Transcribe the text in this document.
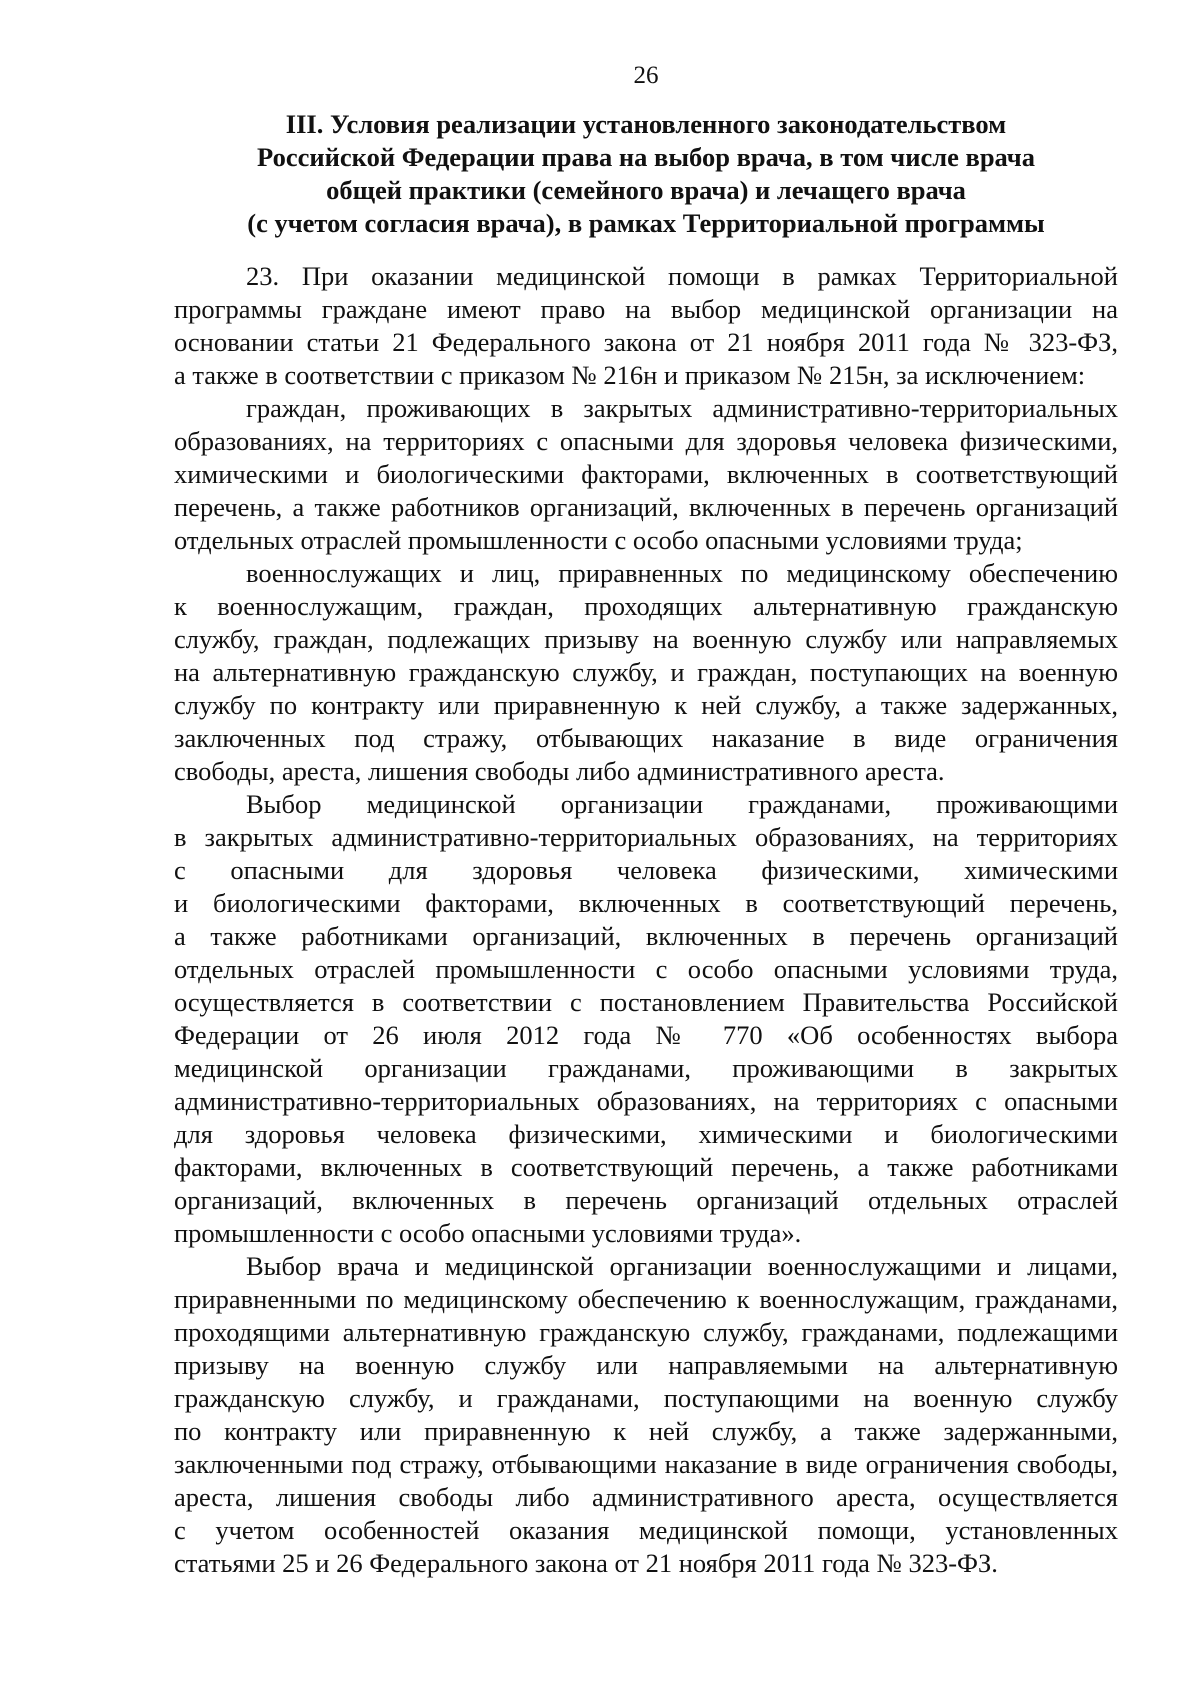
26
III. Условия реализации установленного законодательством
Российской Федерации права на выбор врача, в том числе врача
общей практики (семейного врача) и лечащего врача
(с учетом согласия врача), в рамках Территориальной программы
23. При оказании медицинской помощи в рамках Территориальной
программы граждане имеют право на выбор медицинской организации на
основании статьи 21 Федерального закона от 21 ноября 2011 года № 323-ФЗ,
а также в соответствии с приказом № 216н и приказом № 215н, за исключением:
граждан, проживающих в закрытых административно-территориальных
образованиях, на территориях с опасными для здоровья человека физическими,
химическими и биологическими факторами, включенных в соответствующий
перечень, а также работников организаций, включенных в перечень организаций
отдельных отраслей промышленности с особо опасными условиями труда;
военнослужащих и лиц, приравненных по медицинскому обеспечению
к военнослужащим, граждан, проходящих альтернативную гражданскую
службу, граждан, подлежащих призыву на военную службу или направляемых
на альтернативную гражданскую службу, и граждан, поступающих на военную
службу по контракту или приравненную к ней службу, а также задержанных,
заключенных под стражу, отбывающих наказание в виде ограничения
свободы, ареста, лишения свободы либо административного ареста.
Выбор медицинской организации гражданами, проживающими
в закрытых административно-территориальных образованиях, на территориях
с опасными для здоровья человека физическими, химическими
и биологическими факторами, включенных в соответствующий перечень,
а также работниками организаций, включенных в перечень организаций
отдельных отраслей промышленности с особо опасными условиями труда,
осуществляется в соответствии с постановлением Правительства Российской
Федерации от 26 июля 2012 года № 770 «Об особенностях выбора
медицинской организации гражданами, проживающими в закрытых
административно-территориальных образованиях, на территориях с опасными
для здоровья человека физическими, химическими и биологическими
факторами, включенных в соответствующий перечень, а также работниками
организаций, включенных в перечень организаций отдельных отраслей
промышленности с особо опасными условиями труда».
Выбор врача и медицинской организации военнослужащими и лицами,
приравненными по медицинскому обеспечению к военнослужащим, гражданами,
проходящими альтернативную гражданскую службу, гражданами, подлежащими
призыву на военную службу или направляемыми на альтернативную
гражданскую службу, и гражданами, поступающими на военную службу
по контракту или приравненную к ней службу, а также задержанными,
заключенными под стражу, отбывающими наказание в виде ограничения свободы,
ареста, лишения свободы либо административного ареста, осуществляется
с учетом особенностей оказания медицинской помощи, установленных
статьями 25 и 26 Федерального закона от 21 ноября 2011 года № 323-ФЗ.
